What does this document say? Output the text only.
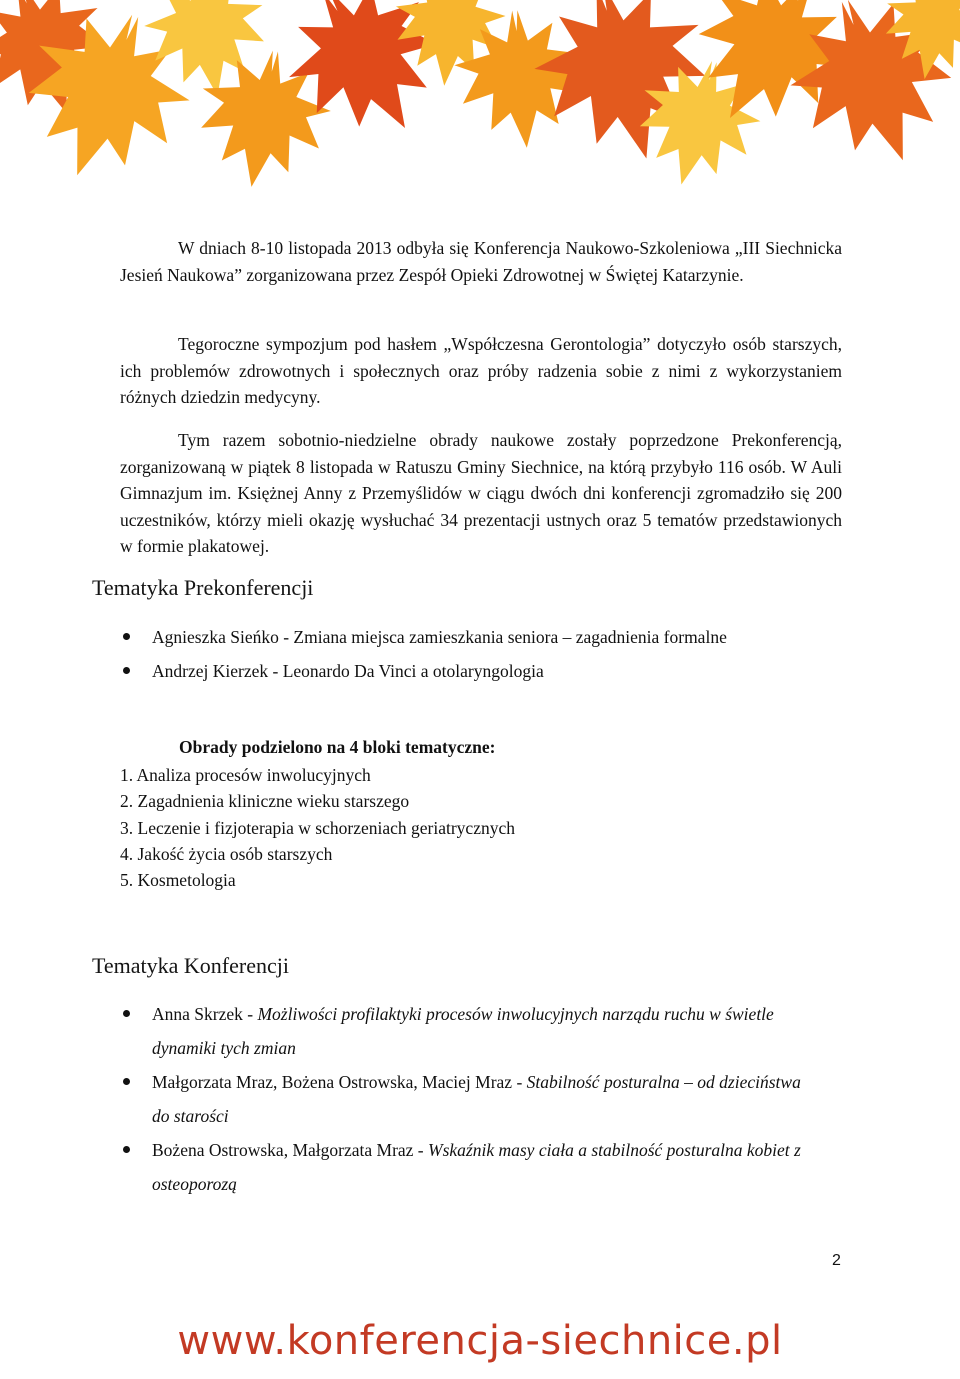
W dniach 8-10 listopada 2013 odbyła się Konferencja Naukowo-Szkoleniowa „III Siechnicka Jesień Naukowa” zorganizowana przez Zespół Opieki Zdrowotnej w Świętej Katarzynie.

Tegoroczne sympozjum pod hasłem „Współczesna Gerontologia” dotyczyło osób starszych, ich problemów zdrowotnych i społecznych oraz próby radzenia sobie z nimi z wykorzystaniem różnych dziedzin medycyny.

Tym razem sobotnio-niedzielne obrady naukowe zostały poprzedzone Prekonferencją, zorganizowaną w piątek 8 listopada w Ratuszu Gminy Siechnice, na którą przybyło 116 osób. W Auli Gimnazjum im. Księżnej Anny z Przemyślidów w ciągu dwóch dni konferencji zgromadziło się 200 uczestników, którzy mieli okazję wysłuchać 34 prezentacji ustnych oraz 5 tematów przedstawionych w formie plakatowej.

Tematyka Prekonferencji
Agnieszka Sieńko - Zmiana miejsca zamieszkania seniora – zagadnienia formalne
Andrzej Kierzek - Leonardo Da Vinci a otolaryngologia

Obrady podzielono na 4 bloki tematyczne:

1. Analiza procesów inwolucyjnych
2. Zagadnienia kliniczne wieku starszego
3. Leczenie i fizjoterapia w schorzeniach geriatrycznych
4. Jakość życia osób starszych
5. Kosmetologia
Tematyka Konferencji
Anna Skrzek - Możliwości profilaktyki procesów inwolucyjnych narządu ruchu w świetle dynamiki tych zmian
Małgorzata Mraz, Bożena Ostrowska, Maciej Mraz - Stabilność posturalna – od dzieciństwa do starości
Bożena Ostrowska, Małgorzata Mraz - Wskaźnik masy ciała a stabilność posturalna kobiet z osteoporozą
2
www.konferencja-siechnice.pl
